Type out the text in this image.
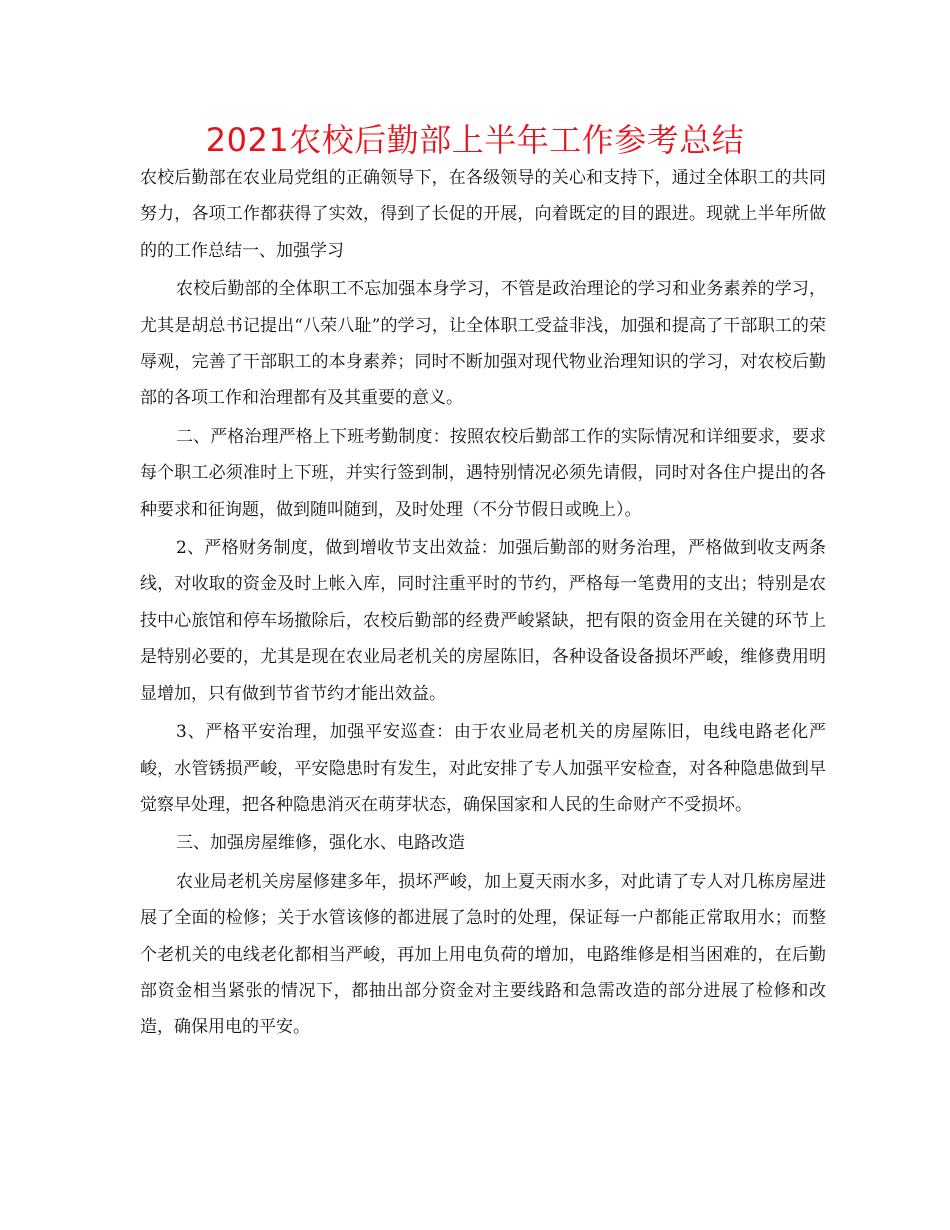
2021农校后勤部上半年工作参考总结

农校后勤部在农业局党组的正确领导下，在各级领导的关心和支持下，通过全体职工的共同努力，各项工作都获得了实效，得到了长促的开展，向着既定的目的跟进。现就上半年所做的的工作总结一、加强学习

农校后勤部的全体职工不忘加强本身学习，不管是政治理论的学习和业务素养的学习，尤其是胡总书记提出“八荣八耻”的学习，让全体职工受益非浅，加强和提高了干部职工的荣辱观，完善了干部职工的本身素养；同时不断加强对现代物业治理知识的学习，对农校后勤部的各项工作和治理都有及其重要的意义。

二、严格治理严格上下班考勤制度：按照农校后勤部工作的实际情况和详细要求，要求每个职工必须准时上下班，并实行签到制，遇特别情况必须先请假，同时对各住户提出的各种要求和征询题，做到随叫随到，及时处理（不分节假日或晚上）。

2、严格财务制度，做到增收节支出效益：加强后勤部的财务治理，严格做到收支两条线，对收取的资金及时上帐入库，同时注重平时的节约，严格每一笔费用的支出；特别是农技中心旅馆和停车场撤除后，农校后勤部的经费严峻紧缺，把有限的资金用在关键的环节上是特别必要的，尤其是现在农业局老机关的房屋陈旧，各种设备设备损坏严峻，维修费用明显增加，只有做到节省节约才能出效益。

3、严格平安治理，加强平安巡查：由于农业局老机关的房屋陈旧，电线电路老化严峻，水管锈损严峻，平安隐患时有发生，对此安排了专人加强平安检查，对各种隐患做到早觉察早处理，把各种隐患消灭在萌芽状态，确保国家和人民的生命财产不受损坏。

三、加强房屋维修，强化水、电路改造

农业局老机关房屋修建多年，损坏严峻，加上夏天雨水多，对此请了专人对几栋房屋进展了全面的检修；关于水管该修的都进展了急时的处理，保证每一户都能正常取用水；而整个老机关的电线老化都相当严峻，再加上用电负荷的增加，电路维修是相当困难的，在后勤部资金相当紧张的情况下，都抽出部分资金对主要线路和急需改造的部分进展了检修和改造，确保用电的平安。
